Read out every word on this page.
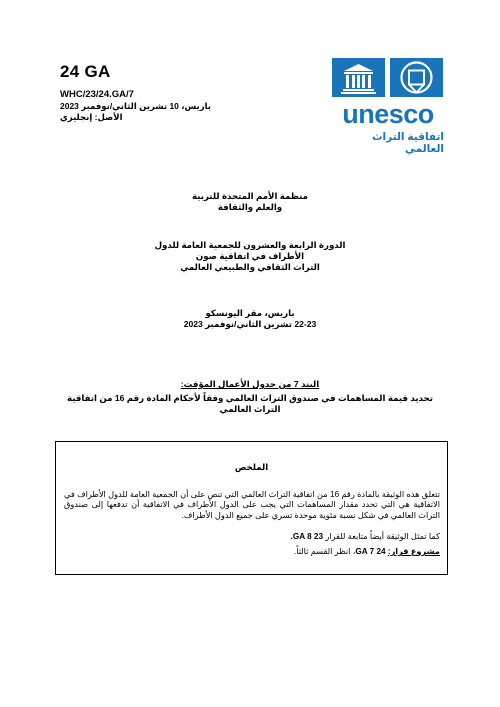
24 GA
WHC/23/24.GA/7
باريس، 10 تشرين الثاني/نوفمبر 2023
الأصل: إنجليزي	unesco
اتفاقية التراث العالمي
منظمة الأمم المتحدة للتربية
والعلم والثقافة
الدورة الرابعة والعشرون للجمعية العامة للدول
الأطراف في اتفاقية صون
التراث الثقافي والطبيعي العالمي
باريس، مقر اليونسكو
22-23 تشرين الثاني/نوفمبر 2023
البند 7 من جدول الأعمال المؤقت:
تحديد قيمة المساهمات في صندوق التراث العالمي وفقاً لأحكام المادة رقم 16 من اتفاقية التراث العالمي
الملخص
تتعلق هذه الوثيقة بالمادة رقم 16 من اتفاقية التراث العالمي التي تنص على أن الجمعية العامة للدول الأطراف في الاتفاقية هي التي تحدد مقدار المساهمات التي يجب على الدول الأطراف في الاتفاقية أن تدفعها إلى صندوق التراث العالمي في شكل نسبة مئوية موحدة تسري على جميع الدول الأطراف.
كما تمثل الوثيقة أيضاً متابعة للقرار 23 GA 8.
مشروع قرار: 24 GA 7، انظر القسم ثالثاً.
